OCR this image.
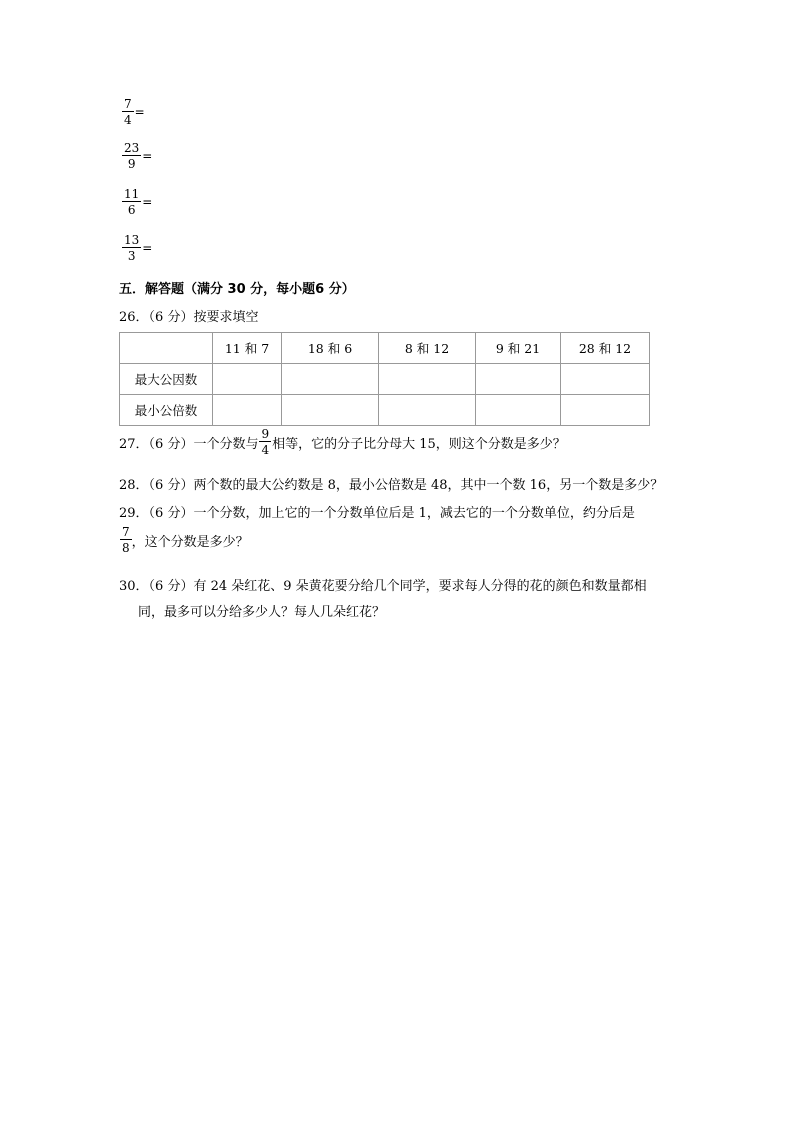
$\frac{7}{4}$ =
$\frac{23}{9}$ =
$\frac{11}{6}$ =
$\frac{13}{3}$ =
五．解答题（满分 30 分，每小题6 分）
26．（6 分）按要求填空
	11 和 7	18 和 6	8 和 12	9 和 21	28 和 12
最大公因数					
最小公倍数					
27．（6 分）一个分数与 $\frac{9}{4}$ 相等，它的分子比分母大 15，则这个分数是多少？
28．（6 分）两个数的最大公约数是 8，最小公倍数是 48，其中一个数 16，另一个数是多少？
29．（6 分）一个分数，加上它的一个分数单位后是 1，减去它的一个分数单位，约分后是
$\frac{7}{8}$ ，这个分数是多少？
30．（6 分）有 24 朵红花、9 朵黄花要分给几个同学，要求每人分得的花的颜色和数量都相
同，最多可以分给多少人？每人几朵红花？
